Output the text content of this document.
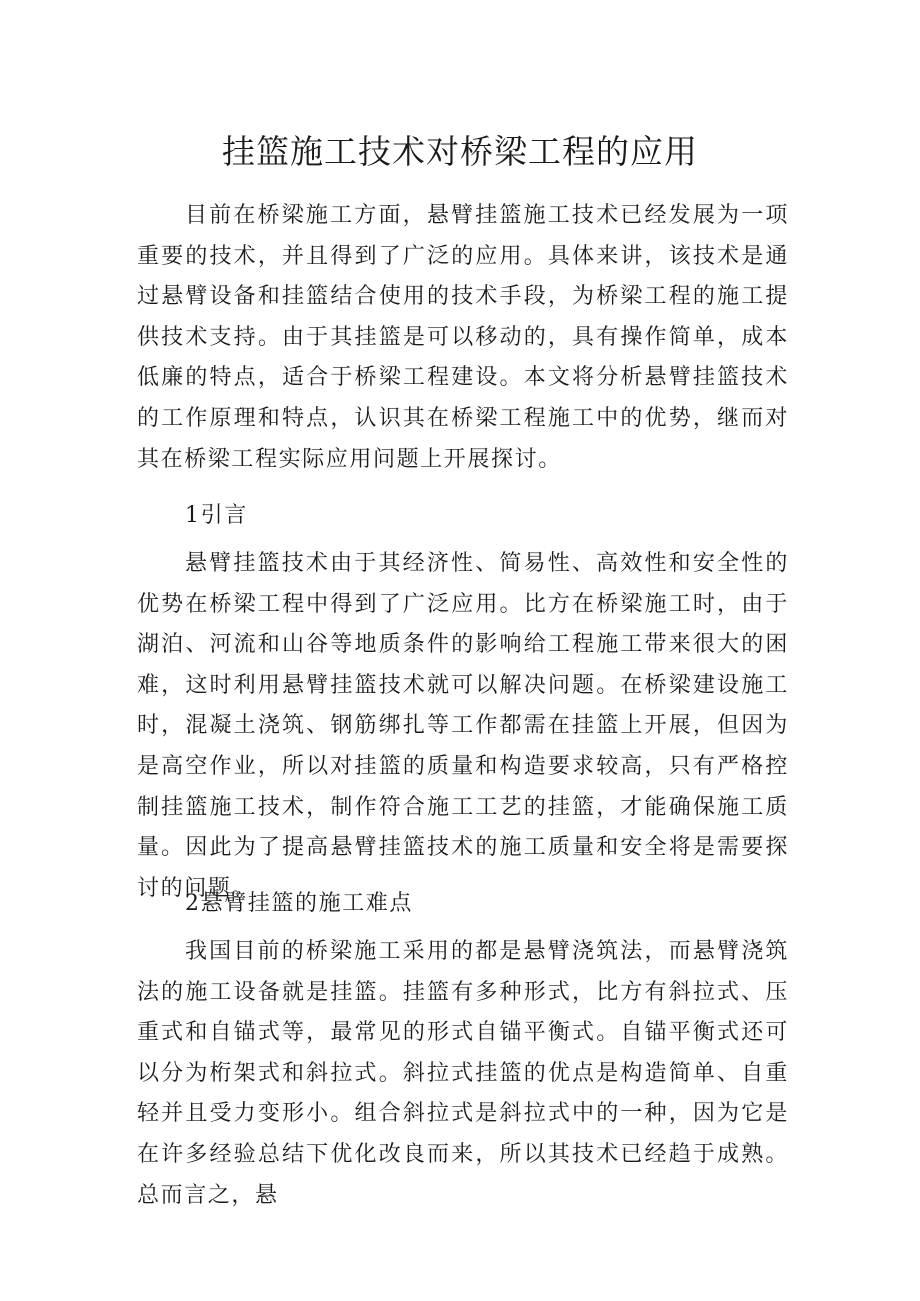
挂篮施工技术对桥梁工程的应用

目前在桥梁施工方面，悬臂挂篮施工技术已经发展为一项重要的技术，并且得到了广泛的应用。具体来讲，该技术是通过悬臂设备和挂篮结合使用的技术手段，为桥梁工程的施工提供技术支持。由于其挂篮是可以移动的，具有操作简单，成本低廉的特点，适合于桥梁工程建设。本文将分析悬臂挂篮技术的工作原理和特点，认识其在桥梁工程施工中的优势，继而对其在桥梁工程实际应用问题上开展探讨。

1引言

悬臂挂篮技术由于其经济性、简易性、高效性和安全性的优势在桥梁工程中得到了广泛应用。比方在桥梁施工时，由于湖泊、河流和山谷等地质条件的影响给工程施工带来很大的困难，这时利用悬臂挂篮技术就可以解决问题。在桥梁建设施工时，混凝土浇筑、钢筋绑扎等工作都需在挂篮上开展，但因为是高空作业，所以对挂篮的质量和构造要求较高，只有严格控制挂篮施工技术，制作符合施工工艺的挂篮，才能确保施工质量。因此为了提高悬臂挂篮技术的施工质量和安全将是需要探讨的问题。

2悬臂挂篮的施工难点

我国目前的桥梁施工采用的都是悬臂浇筑法，而悬臂浇筑法的施工设备就是挂篮。挂篮有多种形式，比方有斜拉式、压重式和自锚式等，最常见的形式自锚平衡式。自锚平衡式还可以分为桁架式和斜拉式。斜拉式挂篮的优点是构造简单、自重轻并且受力变形小。组合斜拉式是斜拉式中的一种，因为它是在许多经验总结下优化改良而来，所以其技术已经趋于成熟。总而言之，悬
